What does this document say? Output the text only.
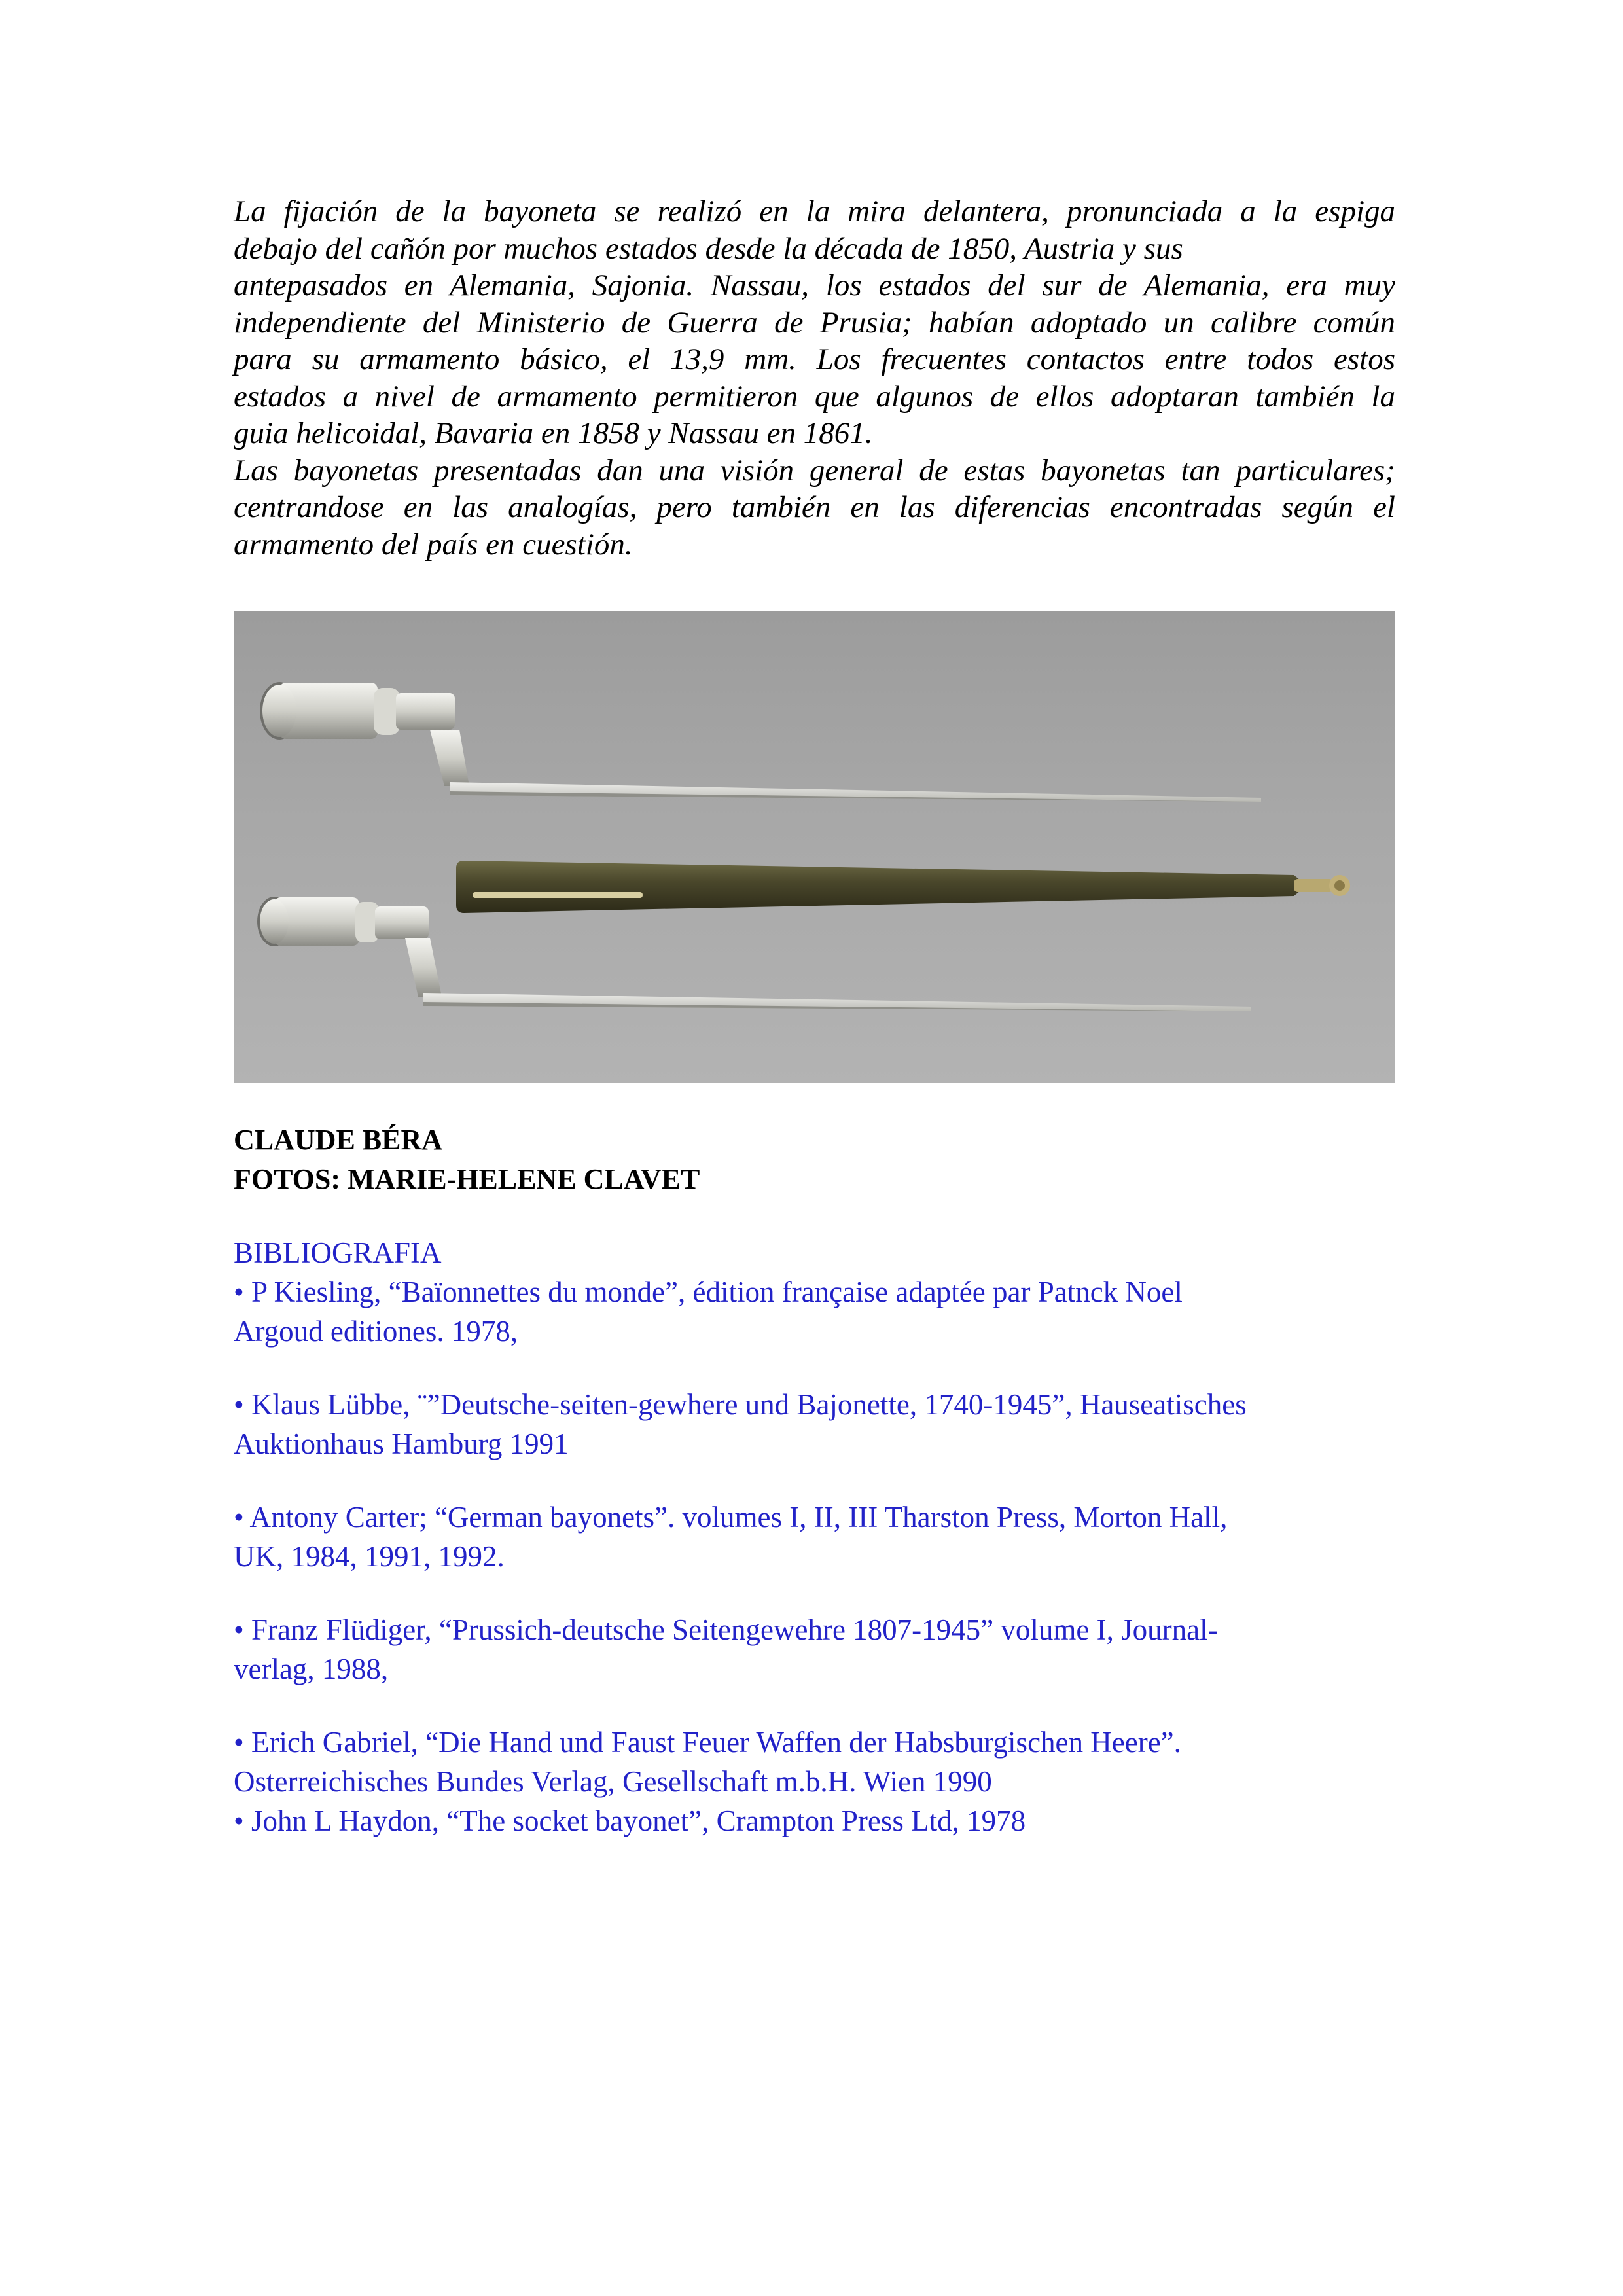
La fijación de la bayoneta se realizó en la mira delantera, pronunciada a la espiga
debajo del cañón por muchos estados desde la década de 1850, Austria y sus
antepasados en Alemania, Sajonia. Nassau, los estados del sur de Alemania, era muy
independiente del Ministerio de Guerra de Prusia; habían adoptado un calibre común
para su armamento básico, el 13,9 mm. Los frecuentes contactos entre todos estos
estados a nivel de armamento permitieron que algunos de ellos adoptaran también la
guia helicoidal, Bavaria en 1858 y Nassau en 1861.
Las bayonetas presentadas dan una visión general de estas bayonetas tan particulares;
centrandose en las analogías, pero también en las diferencias encontradas según el
armamento del país en cuestión.
CLAUDE BÉRA
FOTOS: MARIE-HELENE CLAVET
BIBLIOGRAFIA
• P Kiesling, “Baïonnettes du monde”, édition française adaptée par Patnck Noel
Argoud editiones. 1978,
• Klaus Lübbe, ¨”Deutsche-seiten-gewhere und Bajonette, 1740-1945”, Hauseatisches
Auktionhaus Hamburg 1991
• Antony Carter; “German bayonets”. volumes I, II, III Tharston Press, Morton Hall,
UK, 1984, 1991, 1992.
• Franz Flüdiger, “Prussich-deutsche Seitengewehre 1807-1945” volume I, Journal-
verlag, 1988,
• Erich Gabriel, “Die Hand und Faust Feuer Waffen der Habsburgischen Heere”.
Osterreichisches Bundes Verlag, Gesellschaft m.b.H. Wien 1990
• John L Haydon, “The socket bayonet”, Crampton Press Ltd, 1978
